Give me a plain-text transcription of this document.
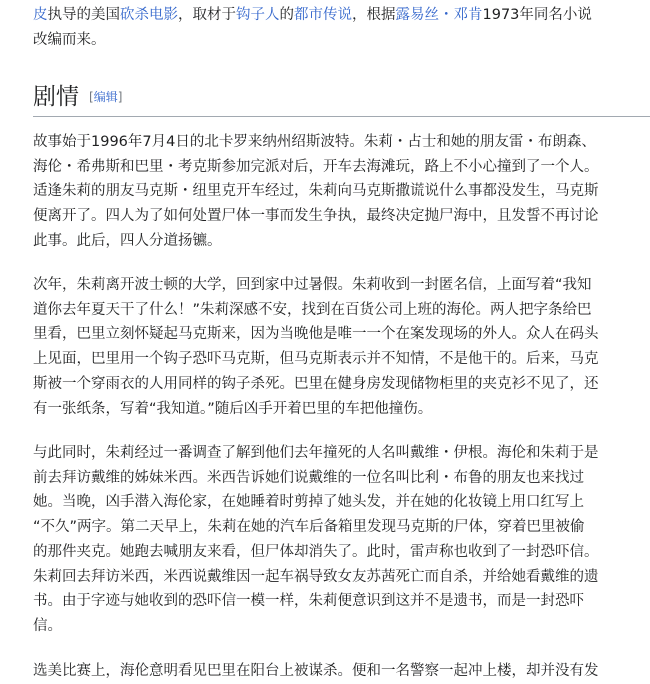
皮执导的美国砍杀电影，取材于钩子人的都市传说，根据露易丝・邓肯1973年同名小说
改编而来。

剧情 [编辑]

故事始于1996年7月4日的北卡罗来纳州绍斯波特。朱莉・占士和她的朋友雷・布朗森、
海伦・希弗斯和巴里・考克斯参加完派对后，开车去海滩玩，路上不小心撞到了一个人。
适逢朱莉的朋友马克斯・纽里克开车经过，朱莉向马克斯撒谎说什么事都没发生，马克斯
便离开了。四人为了如何处置尸体一事而发生争执，最终决定抛尸海中，且发誓不再讨论
此事。此后，四人分道扬镳。

次年，朱莉离开波士顿的大学，回到家中过暑假。朱莉收到一封匿名信，上面写着“我知
道你去年夏天干了什么！”朱莉深感不安，找到在百货公司上班的海伦。两人把字条给巴
里看，巴里立刻怀疑起马克斯来，因为当晚他是唯一一个在案发现场的外人。众人在码头
上见面，巴里用一个钩子恐吓马克斯，但马克斯表示并不知情，不是他干的。后来，马克
斯被一个穿雨衣的人用同样的钩子杀死。巴里在健身房发现储物柜里的夹克衫不见了，还
有一张纸条，写着“我知道。”随后凶手开着巴里的车把他撞伤。

与此同时，朱莉经过一番调查了解到他们去年撞死的人名叫戴维・伊根。海伦和朱莉于是
前去拜访戴维的姊妹米西。米西告诉她们说戴维的一位名叫比利・布鲁的朋友也来找过
她。当晚，凶手潜入海伦家，在她睡着时剪掉了她头发，并在她的化妆镜上用口红写上
“不久”两字。第二天早上，朱莉在她的汽车后备箱里发现马克斯的尸体，穿着巴里被偷
的那件夹克。她跑去喊朋友来看，但尸体却消失了。此时，雷声称也收到了一封恐吓信。
朱莉回去拜访米西，米西说戴维因一起车祸导致女友苏茜死亡而自杀，并给她看戴维的遗
书。由于字迹与她收到的恐吓信一模一样，朱莉便意识到这并不是遗书，而是一封恐吓
信。

选美比赛上，海伦意明看见巴里在阳台上被谋杀。便和一名警察一起冲上楼，却并没有发
